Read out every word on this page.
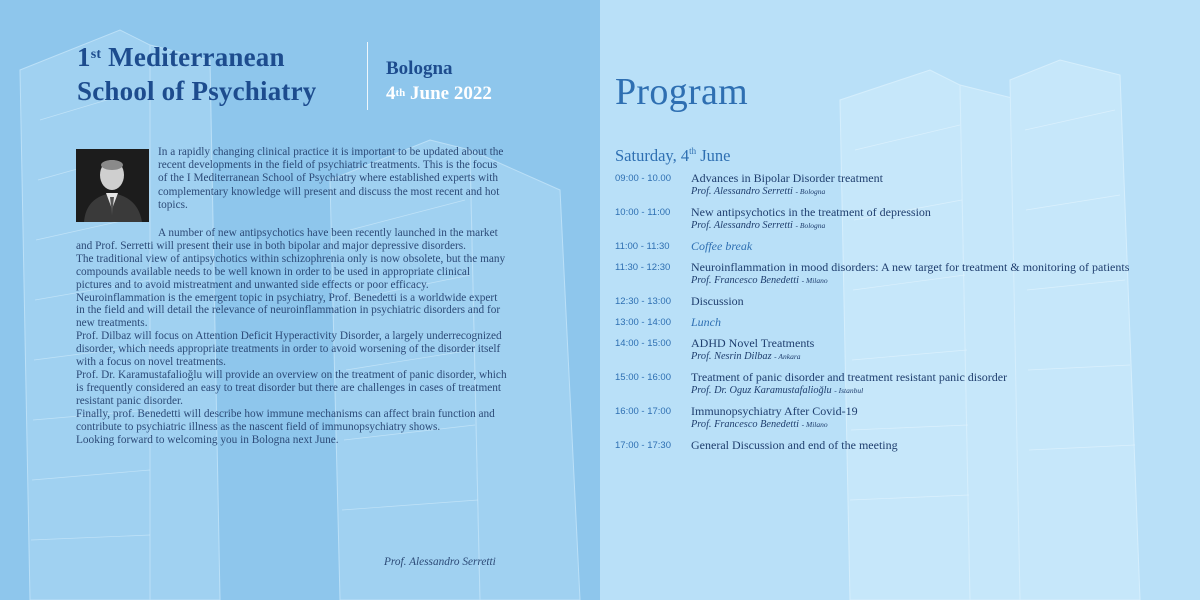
1st Mediterranean
School of Psychiatry
Bologna
4th June 2022
In a rapidly changing clinical practice it is important to be updated about the recent developments in the field of psychiatric treatments. This is the focus of the I Mediterranean School of Psychiatry where established experts with complementary knowledge will present and discuss the most recent and hot topics.

A number of new antipsychotics have been recently launched in the market and Prof. Serretti will present their use in both bipolar and major depressive disorders.

The traditional view of antipsychotics within schizophrenia only is now obsolete, but the many compounds available needs to be well known in order to be used in appropriate clinical pictures and to avoid mistreatment and unwanted side effects or poor efficacy.

Neuroinflammation is the emergent topic in psychiatry, Prof. Benedetti is a worldwide expert in the field and will detail the relevance of neuroinflammation in psychiatric disorders and for new treatments.

Prof. Dilbaz will focus on Attention Deficit Hyperactivity Disorder, a largely underrecognized disorder, which needs appropriate treatments in order to avoid worsening of the disorder itself with a focus on novel treatments.

Prof. Dr. Karamustafalioğlu will provide an overview on the treatment of panic disorder, which is frequently considered an easy to treat disorder but there are challenges in cases of treatment resistant panic disorder.

Finally, prof. Benedetti will describe how immune mechanisms can affect brain function and contribute to psychiatric illness as the nascent field of immunopsychiatry shows.

Looking forward to welcoming you in Bologna next June.

Prof. Alessandro Serretti
Program
Saturday, 4th June
09:00 - 10.00	Advances in Bipolar Disorder treatment
Prof. Alessandro Serretti - Bologna
10:00 - 11:00	New antipsychotics in the treatment of depression
Prof. Alessandro Serretti - Bologna
11:00 - 11:30	Coffee break
11:30 - 12:30	Neuroinflammation in mood disorders: A new target for treatment & monitoring of patients
Prof. Francesco Benedetti - Milano
12:30 - 13:00	Discussion
13:00 - 14:00	Lunch
14:00 - 15:00	ADHD Novel Treatments
Prof. Nesrin Dilbaz - Ankara
15:00 - 16:00	Treatment of panic disorder and treatment resistant panic disorder
Prof. Dr. Oguz Karamustafalioğlu - Istanbul
16:00 - 17:00	Immunopsychiatry After Covid-19
Prof. Francesco Benedetti - Milano
17:00 - 17:30	General Discussion and end of the meeting
